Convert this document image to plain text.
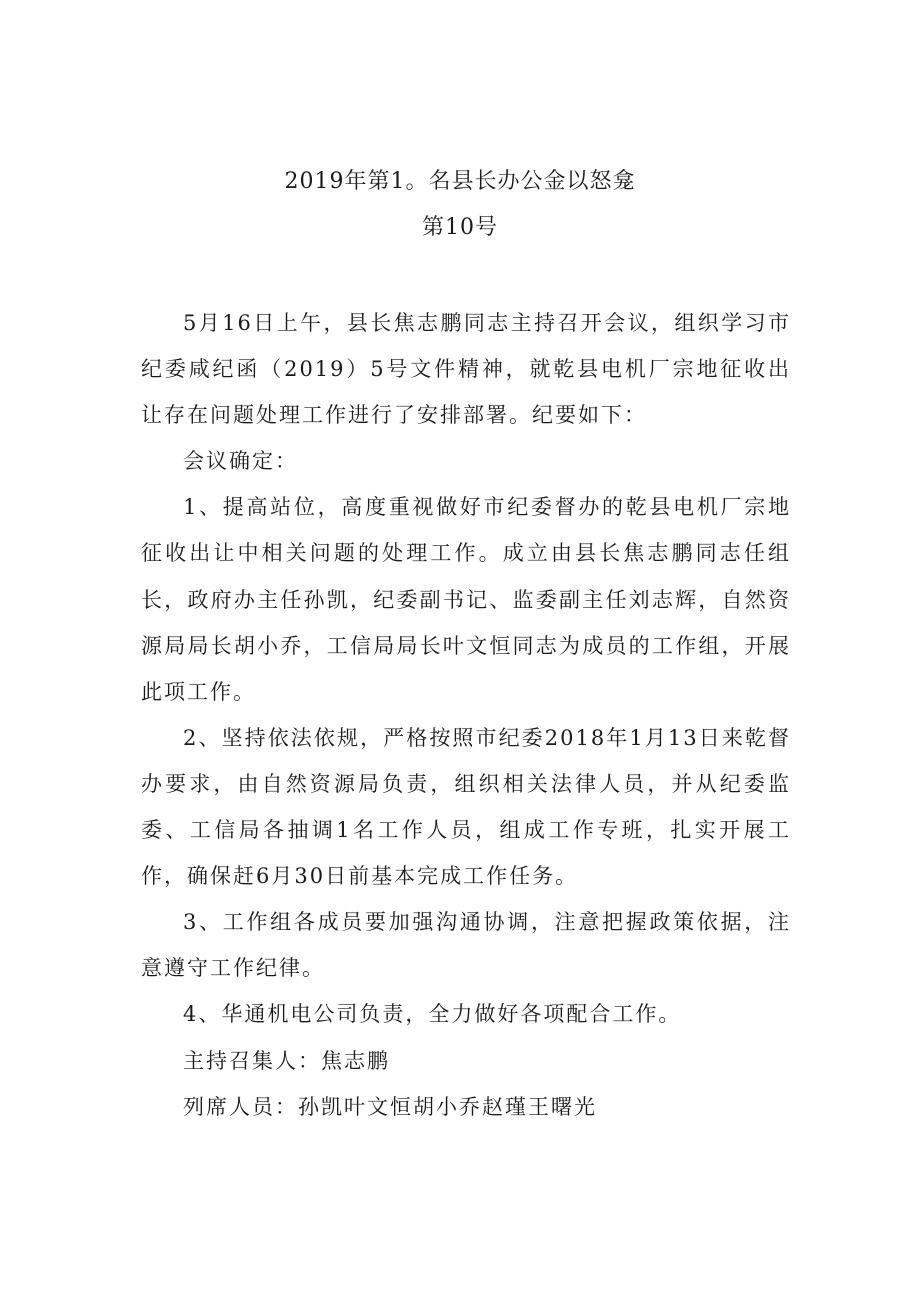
2019年第1。名县长办公金以怒龛
第10号

5月16日上午，县长焦志鹏同志主持召开会议，组织学习市纪委咸纪函（2019）5号文件精神，就乾县电机厂宗地征收出让存在问题处理工作进行了安排部署。纪要如下：

会议确定：

1、提高站位，高度重视做好市纪委督办的乾县电机厂宗地征收出让中相关问题的处理工作。成立由县长焦志鹏同志任组长，政府办主任孙凯，纪委副书记、监委副主任刘志辉，自然资源局局长胡小乔，工信局局长叶文恒同志为成员的工作组，开展此项工作。

2、坚持依法依规，严格按照市纪委2018年1月13日来乾督办要求，由自然资源局负责，组织相关法律人员，并从纪委监委、工信局各抽调1名工作人员，组成工作专班，扎实开展工作，确保赶6月30日前基本完成工作任务。

3、工作组各成员要加强沟通协调，注意把握政策依据，注意遵守工作纪律。

4、华通机电公司负责，全力做好各项配合工作。

主持召集人：焦志鹏

列席人员：孙凯叶文恒胡小乔赵瑾王曙光
